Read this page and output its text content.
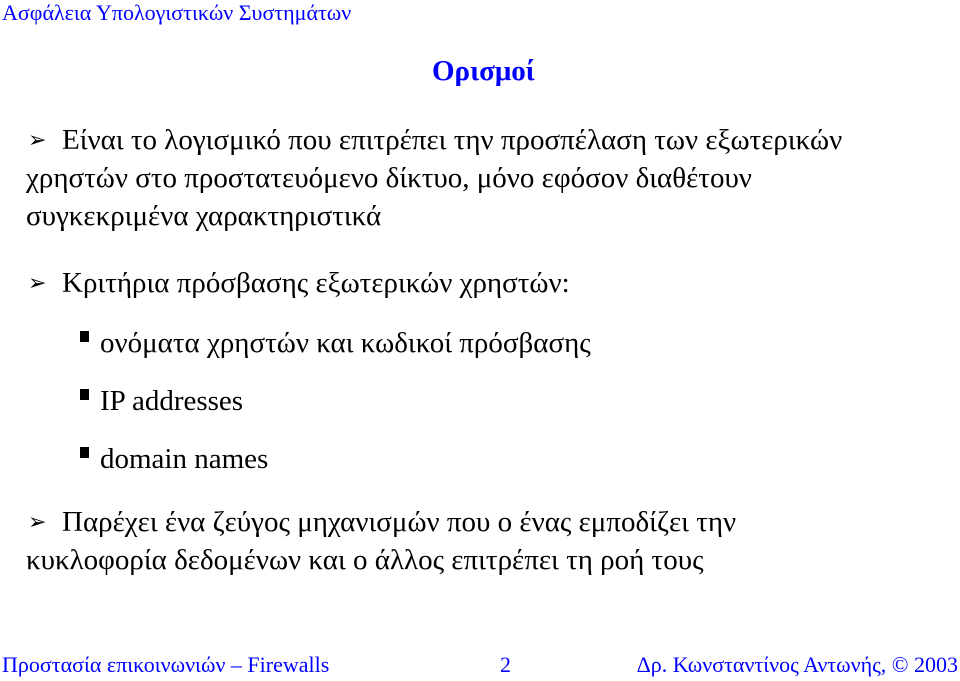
Ασφάλεια Υπολογιστικών Συστημάτων
Ορισμοί
➢ Είναι το λογισμικό που επιτρέπει την προσπέλαση των εξωτερικών
χρηστών στο προστατευόμενο δίκτυο, μόνο εφόσον διαθέτουν
συγκεκριμένα χαρακτηριστικά
➢ Κριτήρια πρόσβασης εξωτερικών χρηστών:
ονόματα χρηστών και κωδικοί πρόσβασης
IP addresses
domain names
➢ Παρέχει ένα ζεύγος μηχανισμών που ο ένας εμποδίζει την
κυκλοφορία δεδομένων και ο άλλος επιτρέπει τη ροή τους
Προστασία επικοινωνιών – Firewalls	2	Δρ. Κωνσταντίνος Αντωνής, © 2003
